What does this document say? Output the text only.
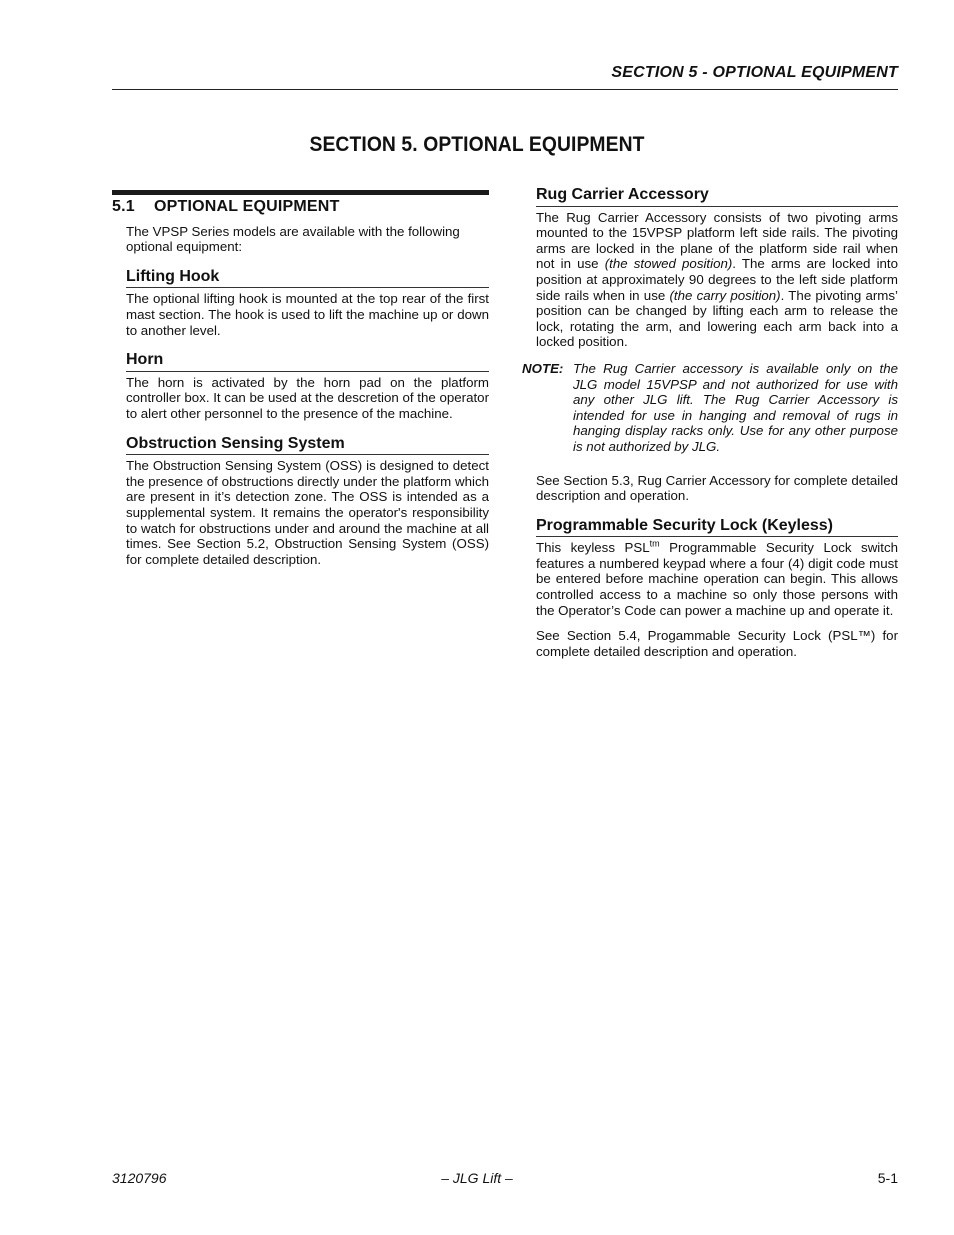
SECTION 5 - OPTIONAL EQUIPMENT
SECTION 5. OPTIONAL EQUIPMENT
5.1	OPTIONAL EQUIPMENT

The VPSP Series models are available with the following optional equipment:

Lifting Hook

The optional lifting hook is mounted at the top rear of the first mast section. The hook is used to lift the machine up or down to another level.

Horn

The horn is activated by the horn pad on the platform controller box. It can be used at the descretion of the operator to alert other personnel to the presence of the machine.

Obstruction Sensing System

The Obstruction Sensing System (OSS) is designed to detect the presence of obstructions directly under the platform which are present in it’s detection zone. The OSS is intended as a supplemental system. It remains the operator's responsibility to watch for obstructions under and around the machine at all times. See Section 5.2, Obstruction Sensing System (OSS) for complete detailed description.

Rug Carrier Accessory

The Rug Carrier Accessory consists of two pivoting arms mounted to the 15VPSP platform left side rails. The pivoting arms are locked in the plane of the platform side rail when not in use (the stowed position). The arms are locked into position at approximately 90 degrees to the left side platform side rails when in use (the carry position). The pivoting arms’ position can be changed by lifting each arm to release the lock, rotating the arm, and lowering each arm back into a locked position.

NOTE: The Rug Carrier accessory is available only on the JLG model 15VPSP and not authorized for use with any other JLG lift. The Rug Carrier Accessory is intended for use in hanging and removal of rugs in hanging display racks only. Use for any other purpose is not authorized by JLG.

See Section 5.3, Rug Carrier Accessory for complete detailed description and operation.

Programmable Security Lock (Keyless)

This keyless $PSL^{tm}$ Programmable Security Lock switch features a numbered keypad where a four (4) digit code must be entered before machine operation can begin. This allows controlled access to a machine so only those persons with the Operator’s Code can power a machine up and operate it.

See Section 5.4, Progammable Security Lock (PSL™) for complete detailed description and operation.

3120796	– JLG Lift –	5-1
